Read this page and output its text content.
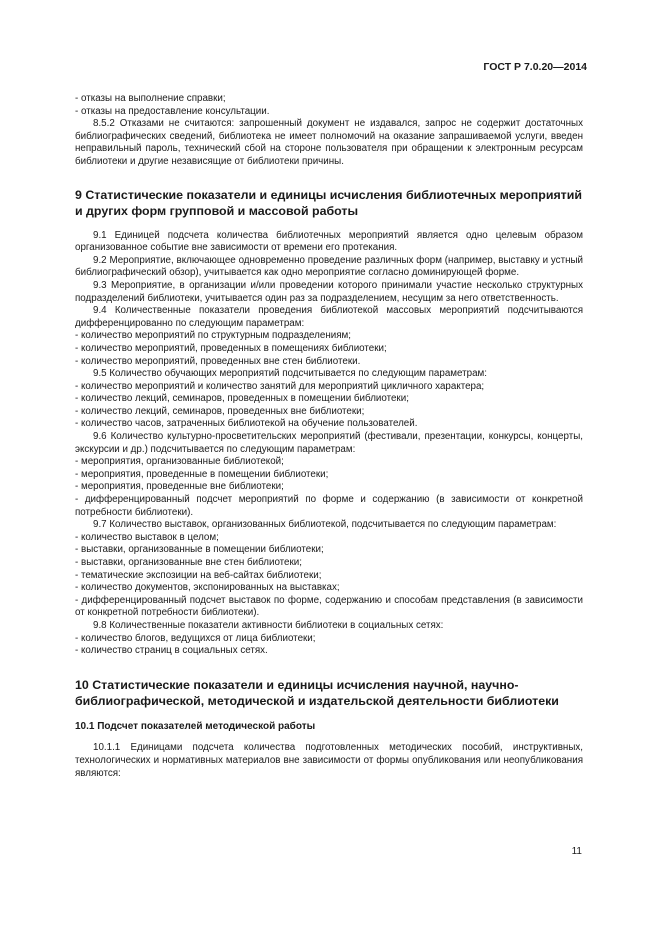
ГОСТ Р 7.0.20—2014

- отказы на выполнение справки;

- отказы на предоставление консультации.

8.5.2 Отказами не считаются: запрошенный документ не издавался, запрос не содержит достаточных библиографических сведений, библиотека не имеет полномочий на оказание запрашиваемой услуги, введен неправильный пароль, технический сбой на стороне пользователя при обращении к электронным ресурсам библиотеки и другие независящие от библиотеки причины.

9 Статистические показатели и единицы исчисления библиотечных мероприятий и других форм групповой и массовой работы

9.1 Единицей подсчета количества библиотечных мероприятий является одно целевым образом организованное событие вне зависимости от времени его протекания.

9.2 Мероприятие, включающее одновременно проведение различных форм (например, выставку и устный библиографический обзор), учитывается как одно мероприятие согласно доминирующей форме.

9.3 Мероприятие, в организации и/или проведении которого принимали участие несколько структурных подразделений библиотеки, учитывается один раз за подразделением, несущим за него ответственность.

9.4 Количественные показатели проведения библиотекой массовых мероприятий подсчитываются дифференцированно по следующим параметрам:

- количество мероприятий по структурным подразделениям;

- количество мероприятий, проведенных в помещениях библиотеки;

- количество мероприятий, проведенных вне стен библиотеки.

9.5 Количество обучающих мероприятий подсчитывается по следующим параметрам:

- количество мероприятий и количество занятий для мероприятий цикличного характера;

- количество лекций, семинаров, проведенных в помещении библиотеки;

- количество лекций, семинаров, проведенных вне библиотеки;

- количество часов, затраченных библиотекой на обучение пользователей.

9.6 Количество культурно-просветительских мероприятий (фестивали, презентации, конкурсы, концерты, экскурсии и др.) подсчитывается по следующим параметрам:

- мероприятия, организованные библиотекой;

- мероприятия, проведенные в помещении библиотеки;

- мероприятия, проведенные вне библиотеки;

- дифференцированный подсчет мероприятий по форме и содержанию (в зависимости от конкретной потребности библиотеки).

9.7 Количество выставок, организованных библиотекой, подсчитывается по следующим параметрам:

- количество выставок в целом;

- выставки, организованные в помещении библиотеки;

- выставки, организованные вне стен библиотеки;

- тематические экспозиции на веб-сайтах библиотеки;

- количество документов, экспонированных на выставках;

- дифференцированный подсчет выставок по форме, содержанию и способам представления (в зависимости от конкретной потребности библиотеки).

9.8 Количественные показатели активности библиотеки в социальных сетях:

- количество блогов, ведущихся от лица библиотеки;

- количество страниц в социальных сетях.

10 Статистические показатели и единицы исчисления научной, научно-библиографической, методической и издательской деятельности библиотеки
10.1 Подсчет показателей методической работы

10.1.1 Единицами подсчета количества подготовленных методических пособий, инструктивных, технологических и нормативных материалов вне зависимости от формы опубликования или неопубликования являются:

11
